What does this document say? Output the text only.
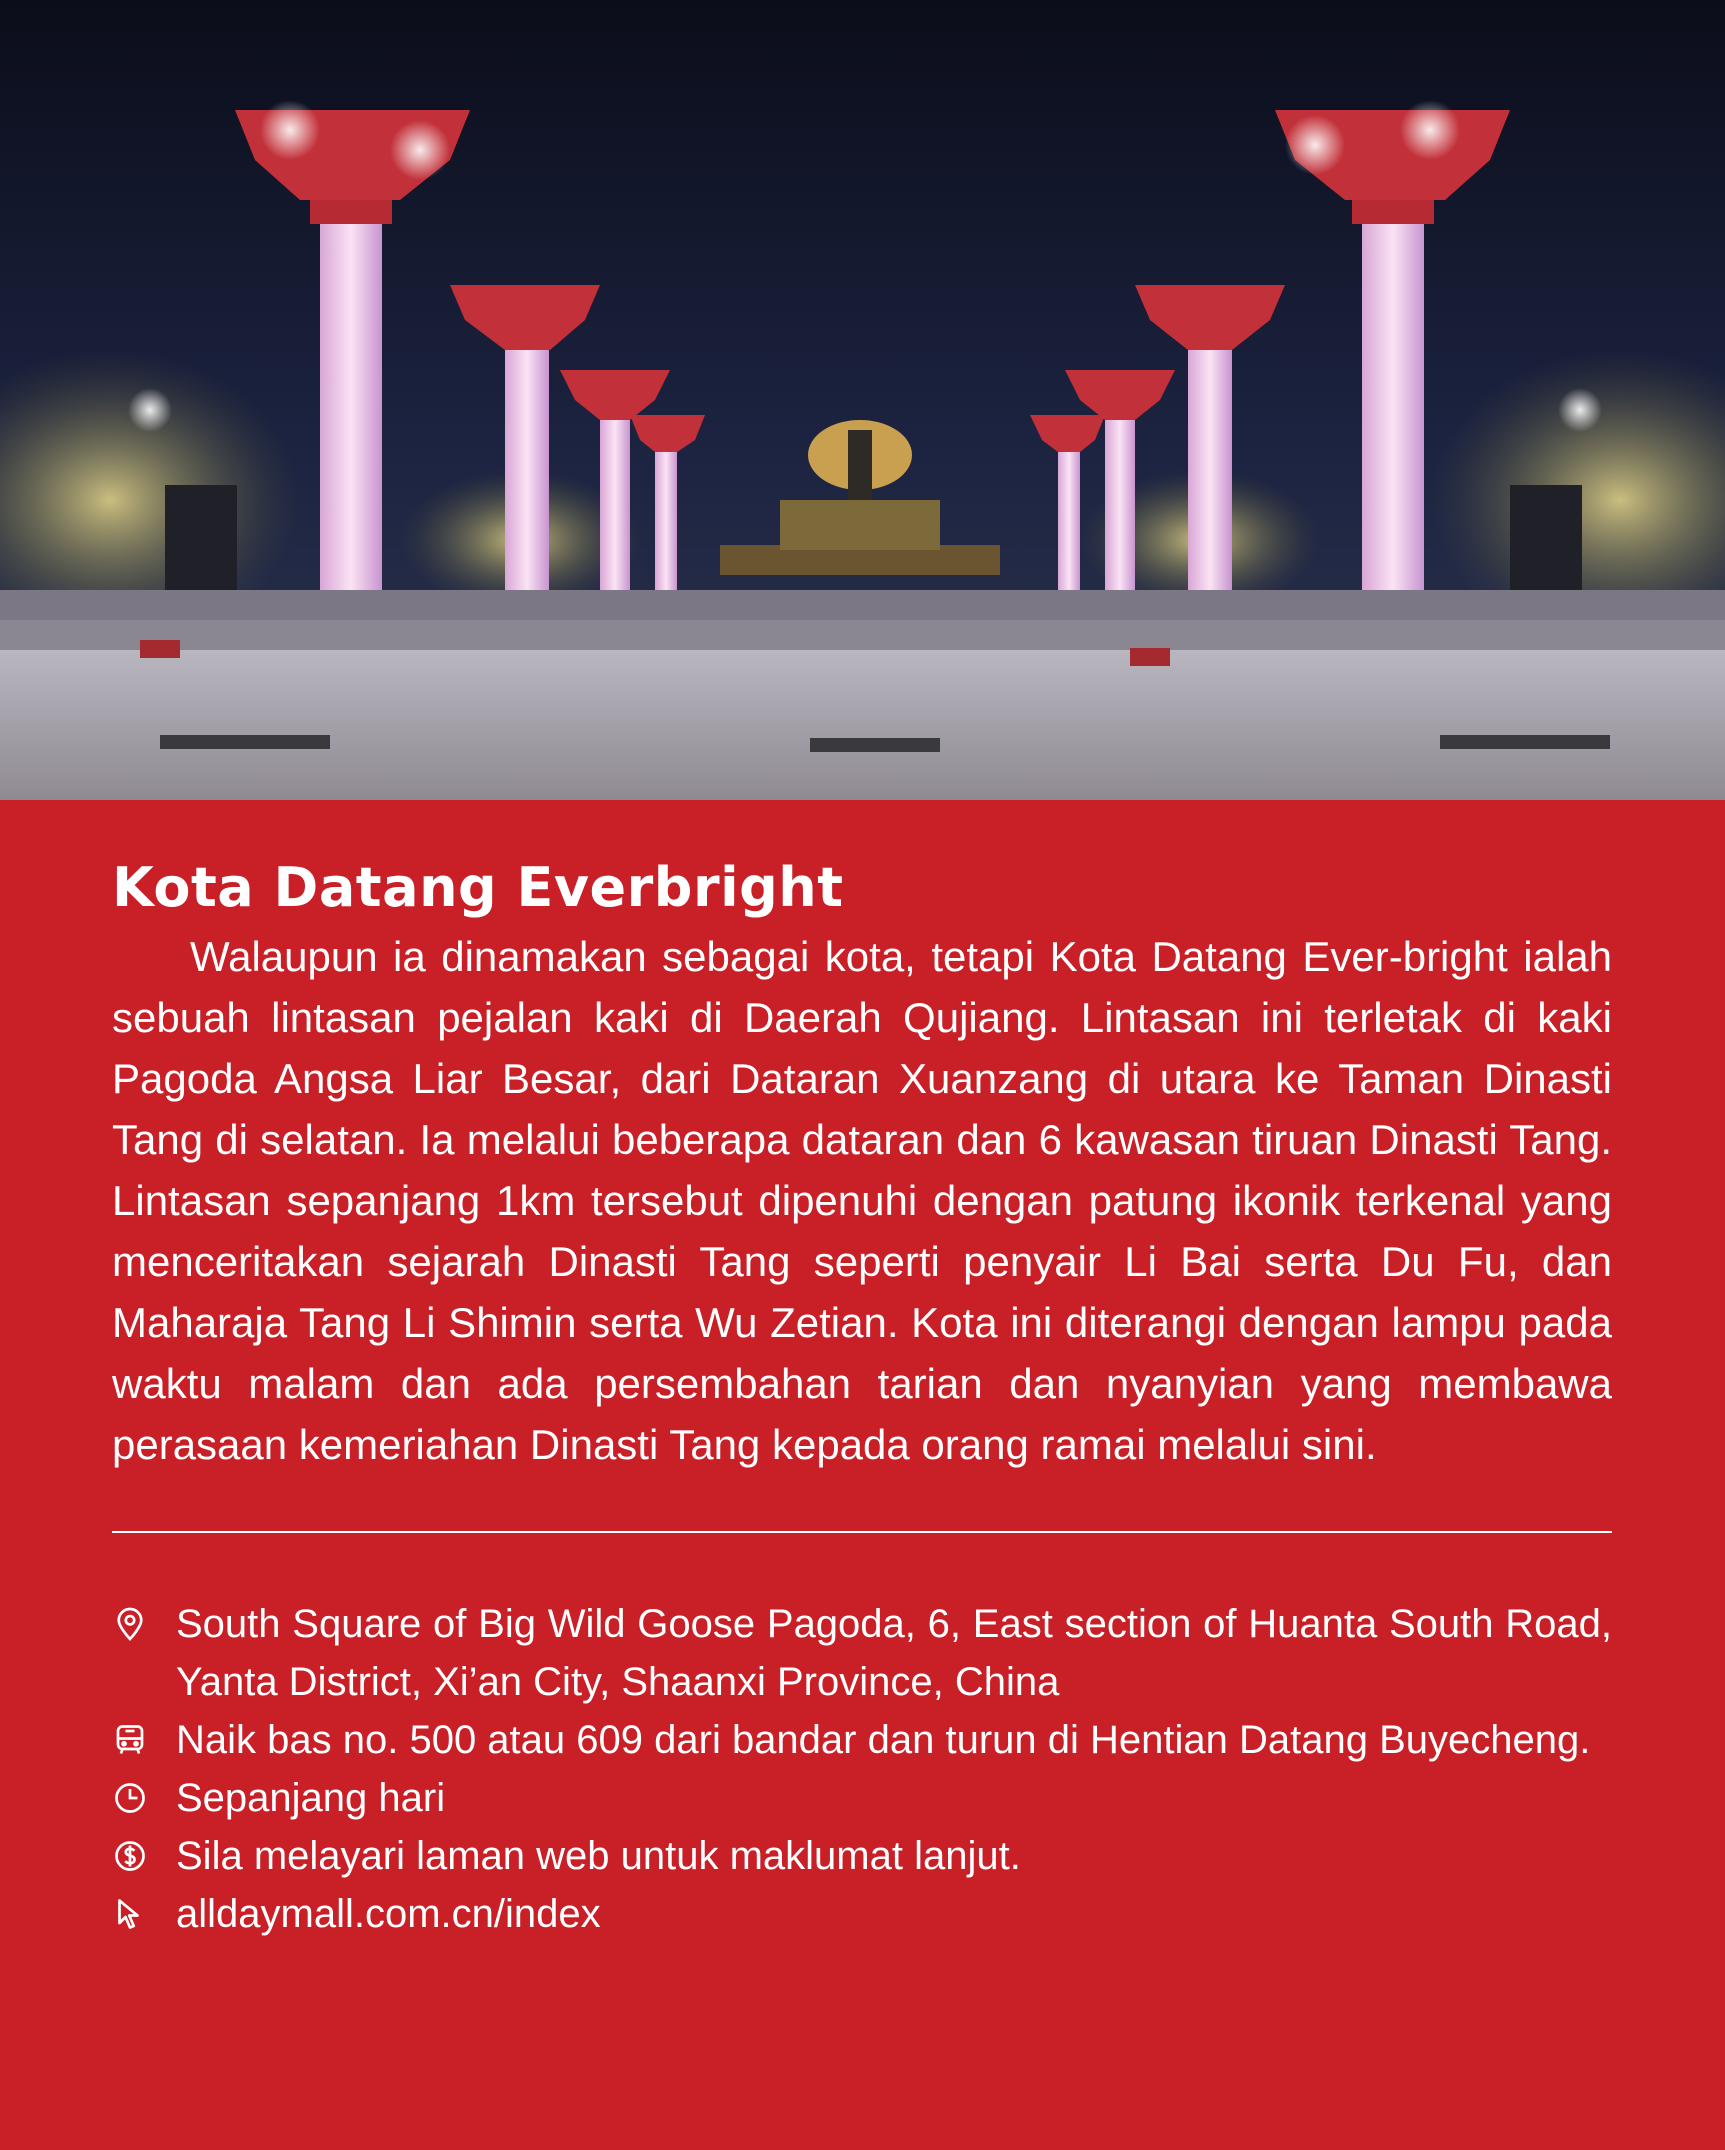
Kota Datang Everbright

Walaupun ia dinamakan sebagai kota, tetapi Kota Datang Ever-bright ialah sebuah lintasan pejalan kaki di Daerah Qujiang. Lintasan ini terletak di kaki Pagoda Angsa Liar Besar, dari Dataran Xuanzang di utara ke Taman Dinasti Tang di selatan. Ia melalui beberapa dataran dan 6 kawasan tiruan Dinasti Tang. Lintasan sepanjang 1km tersebut dipenuhi dengan patung ikonik terkenal yang menceritakan sejarah Dinasti Tang seperti penyair Li Bai serta Du Fu, dan Maharaja Tang Li Shimin serta Wu Zetian. Kota ini diterangi dengan lampu pada waktu malam dan ada persembahan tarian dan nyanyian yang membawa perasaan kemeriahan Dinasti Tang kepada orang ramai melalui sini.

South Square of Big Wild Goose Pagoda, 6, East section of Huanta South Road, Yanta District, Xi’an City, Shaanxi Province, China
Naik bas no. 500 atau 609 dari bandar dan turun di Hentian Datang Buyecheng.
Sepanjang hari
Sila melayari laman web untuk maklumat lanjut.
alldaymall.com.cn/index
